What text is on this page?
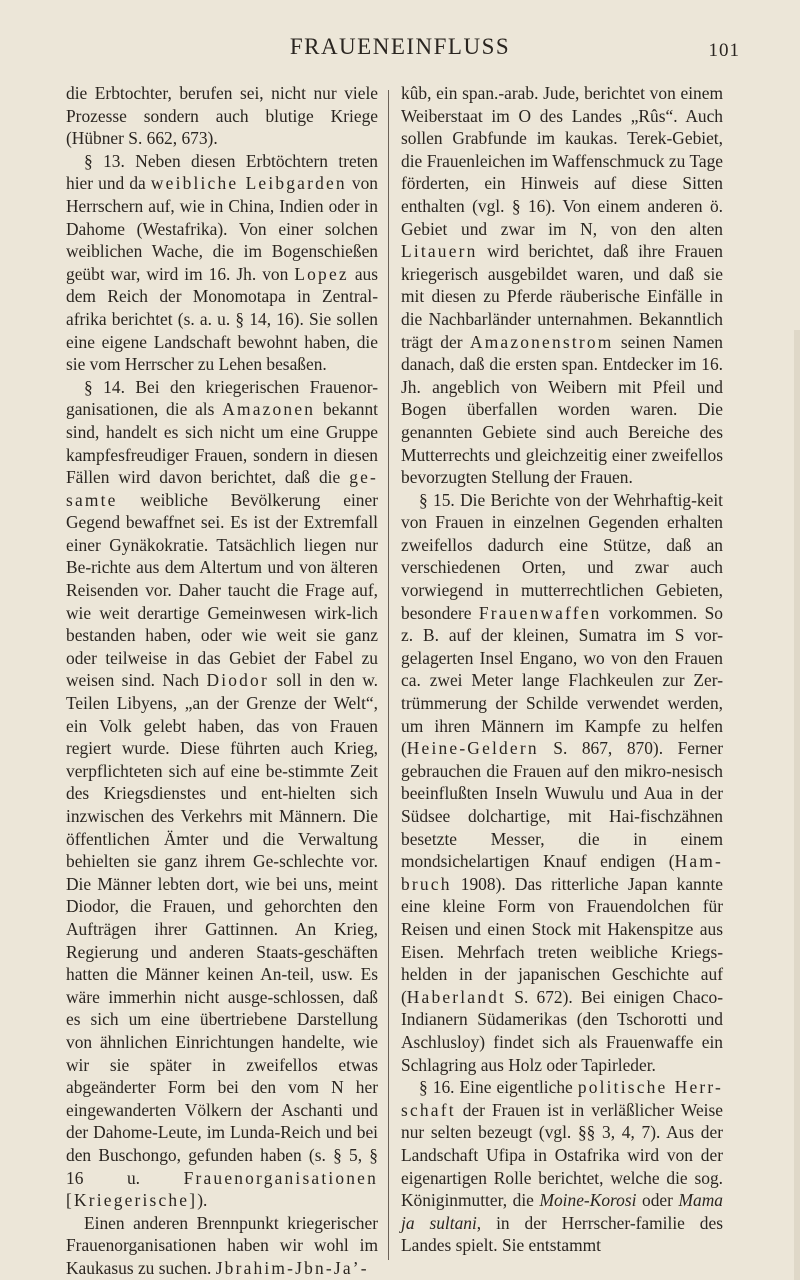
FRAUENEINFLUSS	101

die Erbtochter, berufen sei, nicht nur viele Prozesse sondern auch blutige Kriege (Hübner S. 662, 673).

§ 13. Neben diesen Erbtöchtern treten hier und da weibliche Leibgarden von Herrschern auf, wie in China, Indien oder in Dahome (Westafrika). Von einer solchen weiblichen Wache, die im Bogenschießen geübt war, wird im 16. Jh. von Lopez aus dem Reich der Monomotapa in Zentral-afrika berichtet (s. a. u. § 14, 16). Sie sollen eine eigene Landschaft bewohnt haben, die sie vom Herrscher zu Lehen besaßen.

§ 14. Bei den kriegerischen Frauenor-ganisationen, die als Amazonen bekannt sind, handelt es sich nicht um eine Gruppe kampfesfreudiger Frauen, sondern in diesen Fällen wird davon berichtet, daß die ge-samte weibliche Bevölkerung einer Gegend bewaffnet sei. Es ist der Extremfall einer Gynäkokratie. Tatsächlich liegen nur Be-richte aus dem Altertum und von älteren Reisenden vor. Daher taucht die Frage auf, wie weit derartige Gemeinwesen wirk-lich bestanden haben, oder wie weit sie ganz oder teilweise in das Gebiet der Fabel zu weisen sind. Nach Diodor soll in den w. Teilen Libyens, „an der Grenze der Welt“, ein Volk gelebt haben, das von Frauen regiert wurde. Diese führten auch Krieg, verpflichteten sich auf eine be-stimmte Zeit des Kriegsdienstes und ent-hielten sich inzwischen des Verkehrs mit Männern. Die öffentlichen Ämter und die Verwaltung behielten sie ganz ihrem Ge-schlechte vor. Die Männer lebten dort, wie bei uns, meint Diodor, die Frauen, und gehorchten den Aufträgen ihrer Gattinnen. An Krieg, Regierung und anderen Staats-geschäften hatten die Männer keinen An-teil, usw. Es wäre immerhin nicht ausge-schlossen, daß es sich um eine übertriebene Darstellung von ähnlichen Einrichtungen handelte, wie wir sie später in zweifellos etwas abgeänderter Form bei den vom N her eingewanderten Völkern der Aschanti und der Dahome-Leute, im Lunda-Reich und bei den Buschongo, gefunden haben (s. § 5, § 16 u. Frauenorganisationen [Kriegerische]).

Einen anderen Brennpunkt kriegerischer Frauenorganisationen haben wir wohl im Kaukasus zu suchen. Jbrahim-Jbn-Ja’-

kûb, ein span.-arab. Jude, berichtet von einem Weiberstaat im O des Landes „Rûs“. Auch sollen Grabfunde im kaukas. Terek-Gebiet, die Frauenleichen im Waffenschmuck zu Tage förderten, ein Hinweis auf diese Sitten enthalten (vgl. § 16). Von einem anderen ö. Gebiet und zwar im N, von den alten Litauern wird berichtet, daß ihre Frauen kriegerisch ausgebildet waren, und daß sie mit diesen zu Pferde räuberische Einfälle in die Nachbarländer unternahmen. Bekanntlich trägt der Amazonenstrom seinen Namen danach, daß die ersten span. Entdecker im 16. Jh. angeblich von Weibern mit Pfeil und Bogen überfallen worden waren. Die genannten Gebiete sind auch Bereiche des Mutterrechts und gleichzeitig einer zweifellos bevorzugten Stellung der Frauen.

§ 15. Die Berichte von der Wehrhaftig-keit von Frauen in einzelnen Gegenden erhalten zweifellos dadurch eine Stütze, daß an verschiedenen Orten, und zwar auch vorwiegend in mutterrechtlichen Gebieten, besondere Frauenwaffen vorkommen. So z. B. auf der kleinen, Sumatra im S vor-gelagerten Insel Engano, wo von den Frauen ca. zwei Meter lange Flachkeulen zur Zer-trümmerung der Schilde verwendet werden, um ihren Männern im Kampfe zu helfen (Heine-Geldern S. 867, 870). Ferner gebrauchen die Frauen auf den mikro-nesisch beeinflußten Inseln Wuwulu und Aua in der Südsee dolchartige, mit Hai-fischzähnen besetzte Messer, die in einem mondsichelartigen Knauf endigen (Ham-bruch 1908). Das ritterliche Japan kannte eine kleine Form von Frauendolchen für Reisen und einen Stock mit Hakenspitze aus Eisen. Mehrfach treten weibliche Kriegs-helden in der japanischen Geschichte auf (Haberlandt S. 672). Bei einigen Chaco-Indianern Südamerikas (den Tschorotti und Aschlusloy) findet sich als Frauenwaffe ein Schlagring aus Holz oder Tapirleder.

§ 16. Eine eigentliche politische Herr-schaft der Frauen ist in verläßlicher Weise nur selten bezeugt (vgl. §§ 3, 4, 7). Aus der Landschaft Ufipa in Ostafrika wird von der eigenartigen Rolle berichtet, welche die sog. Königinmutter, die Moine-Korosi oder Mama ja sultani, in der Herrscher-familie des Landes spielt. Sie entstammt
